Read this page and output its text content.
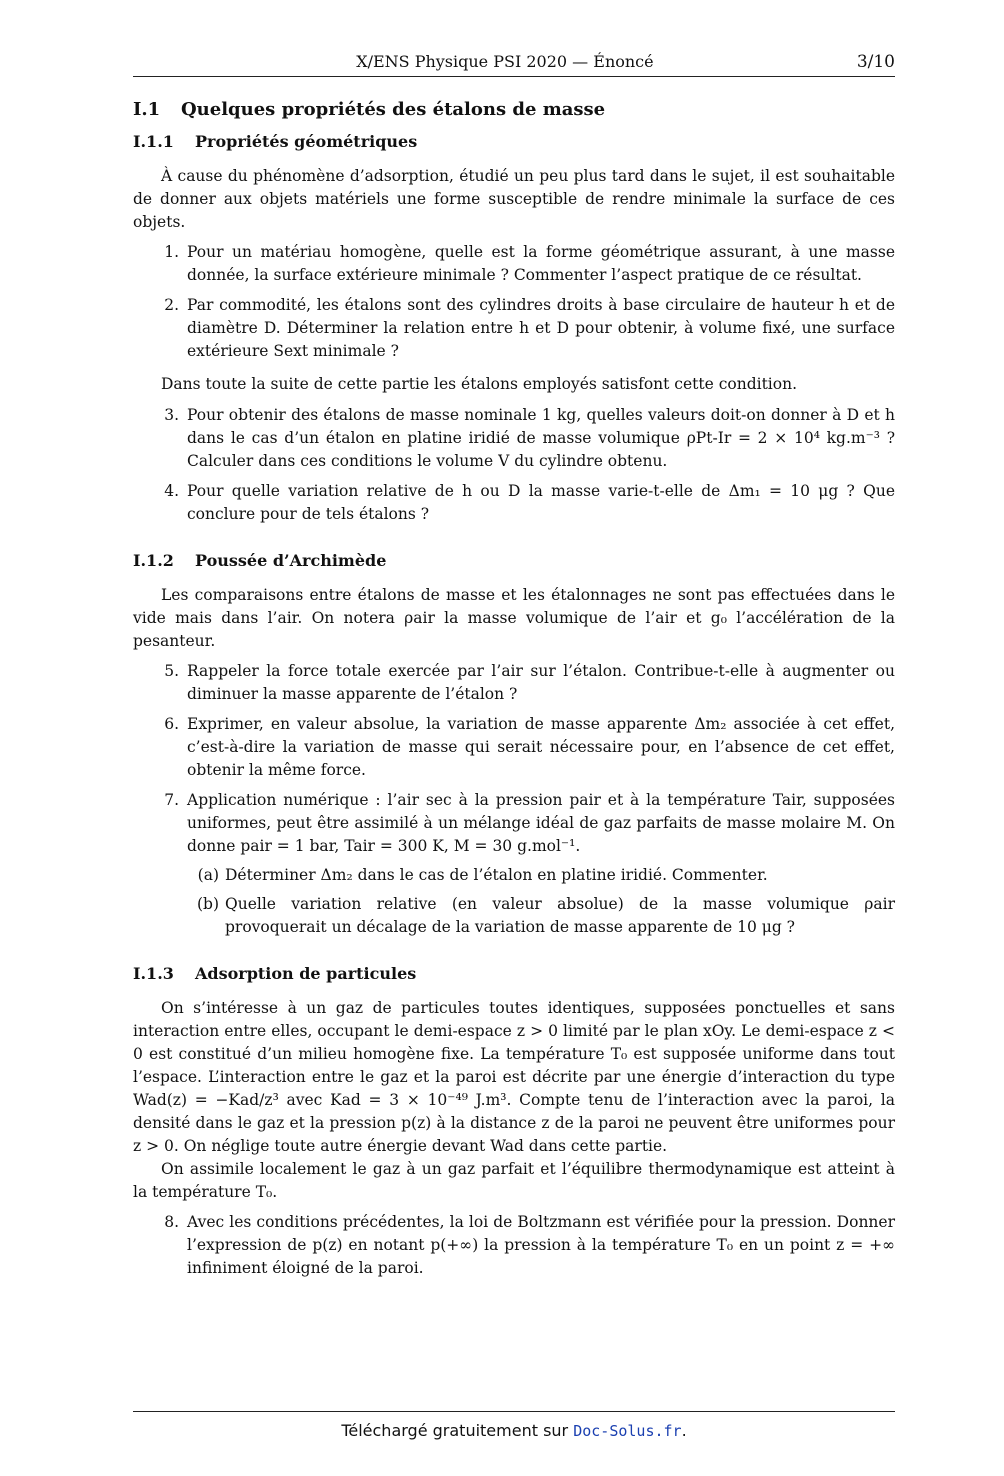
X/ENS Physique PSI 2020 — Énoncé	3/10
I.1 Quelques propriétés des étalons de masse
I.1.1 Propriétés géométriques

À cause du phénomène d’adsorption, étudié un peu plus tard dans le sujet, il est souhaitable de donner aux objets matériels une forme susceptible de rendre minimale la surface de ces objets.

1. Pour un matériau homogène, quelle est la forme géométrique assurant, à une masse donnée, la surface extérieure minimale ? Commenter l’aspect pratique de ce résultat.
2. Par commodité, les étalons sont des cylindres droits à base circulaire de hauteur h et de diamètre D. Déterminer la relation entre h et D pour obtenir, à volume fixé, une surface extérieure Sext minimale ?

Dans toute la suite de cette partie les étalons employés satisfont cette condition.

3. Pour obtenir des étalons de masse nominale 1 kg, quelles valeurs doit-on donner à D et h dans le cas d’un étalon en platine iridié de masse volumique ρPt-Ir = 2 × 10⁴ kg.m⁻³ ? Calculer dans ces conditions le volume V du cylindre obtenu.
4. Pour quelle variation relative de h ou D la masse varie-t-elle de Δm₁ = 10 μg ? Que conclure pour de tels étalons ?
I.1.2 Poussée d’Archimède

Les comparaisons entre étalons de masse et les étalonnages ne sont pas effectuées dans le vide mais dans l’air. On notera ρair la masse volumique de l’air et g₀ l’accélération de la pesanteur.

5. Rappeler la force totale exercée par l’air sur l’étalon. Contribue-t-elle à augmenter ou diminuer la masse apparente de l’étalon ?
6. Exprimer, en valeur absolue, la variation de masse apparente Δm₂ associée à cet effet, c’est-à-dire la variation de masse qui serait nécessaire pour, en l’absence de cet effet, obtenir la même force.
7. Application numérique : l’air sec à la pression pair et à la température Tair, supposées uniformes, peut être assimilé à un mélange idéal de gaz parfaits de masse molaire M. On donne pair = 1 bar, Tair = 300 K, M = 30 g.mol⁻¹.
(a) Déterminer Δm₂ dans le cas de l’étalon en platine iridié. Commenter.
(b) Quelle variation relative (en valeur absolue) de la masse volumique ρair provoquerait un décalage de la variation de masse apparente de 10 μg ?
I.1.3 Adsorption de particules

On s’intéresse à un gaz de particules toutes identiques, supposées ponctuelles et sans interaction entre elles, occupant le demi-espace z > 0 limité par le plan xOy. Le demi-espace z < 0 est constitué d’un milieu homogène fixe. La température T₀ est supposée uniforme dans tout l’espace. L’interaction entre le gaz et la paroi est décrite par une énergie d’interaction du type Wad(z) = −Kad/z³ avec Kad = 3 × 10⁻⁴⁹ J.m³. Compte tenu de l’interaction avec la paroi, la densité dans le gaz et la pression p(z) à la distance z de la paroi ne peuvent être uniformes pour z > 0. On néglige toute autre énergie devant Wad dans cette partie.

On assimile localement le gaz à un gaz parfait et l’équilibre thermodynamique est atteint à la température T₀.

8. Avec les conditions précédentes, la loi de Boltzmann est vérifiée pour la pression. Donner l’expression de p(z) en notant p(+∞) la pression à la température T₀ en un point z = +∞ infiniment éloigné de la paroi.
Téléchargé gratuitement sur Doc-Solus.fr.
